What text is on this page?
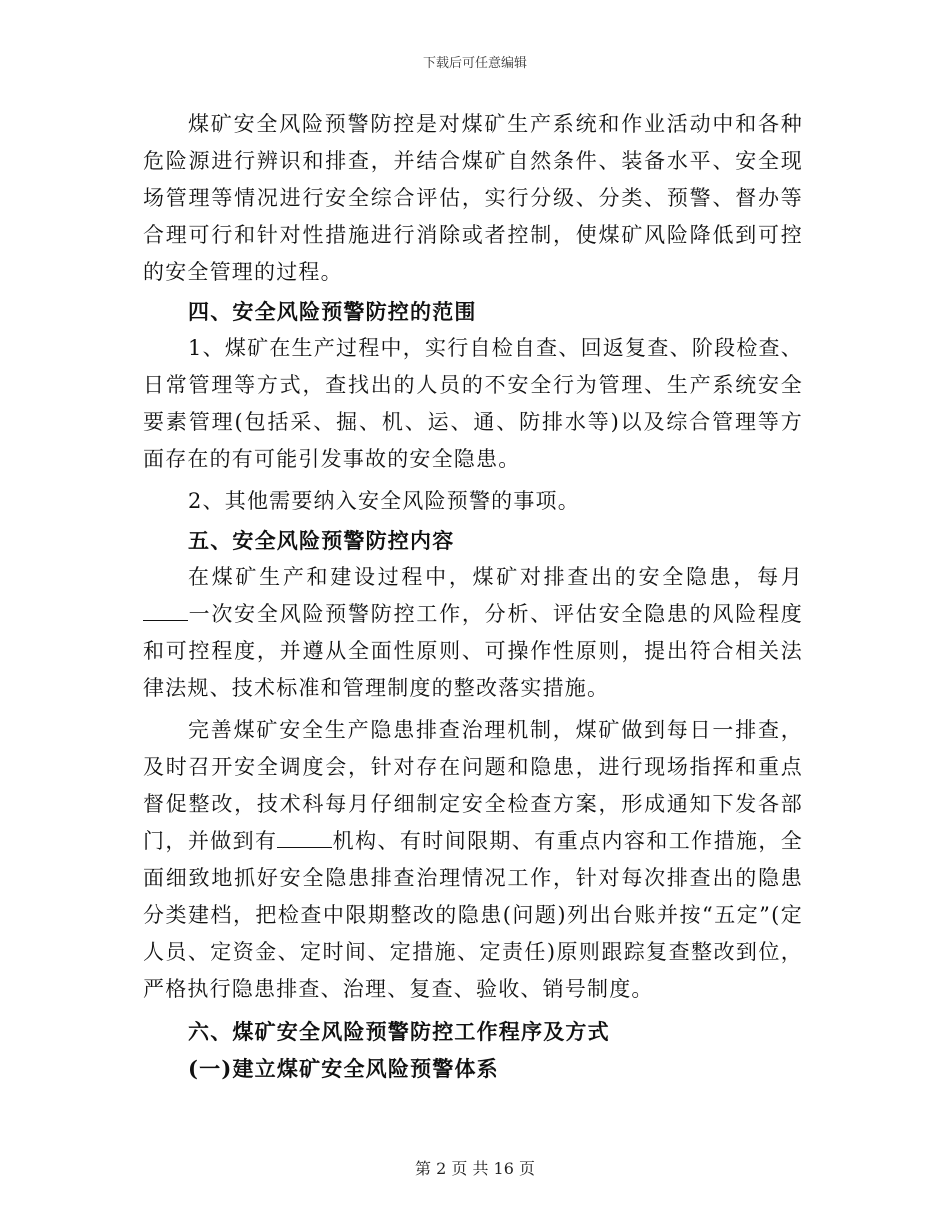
下载后可任意编辑

煤矿安全风险预警防控是对煤矿生产系统和作业活动中和各种危险源进行辨识和排查，并结合煤矿自然条件、装备水平、安全现场管理等情况进行安全综合评估，实行分级、分类、预警、督办等合理可行和针对性措施进行消除或者控制，使煤矿风险降低到可控的安全管理的过程。

四、安全风险预警防控的范围

1、煤矿在生产过程中，实行自检自查、回返复查、阶段检查、日常管理等方式，查找出的人员的不安全行为管理、生产系统安全要素管理(包括采、掘、机、运、通、防排水等)以及综合管理等方面存在的有可能引发事故的安全隐患。

2、其他需要纳入安全风险预警的事项。

五、安全风险预警防控内容

在煤矿生产和建设过程中，煤矿对排查出的安全隐患，每月一次安全风险预警防控工作，分析、评估安全隐患的风险程度和可控程度，并遵从全面性原则、可操作性原则，提出符合相关法律法规、技术标准和管理制度的整改落实措施。

完善煤矿安全生产隐患排查治理机制，煤矿做到每日一排查，及时召开安全调度会，针对存在问题和隐患，进行现场指挥和重点督促整改，技术科每月仔细制定安全检查方案，形成通知下发各部门，并做到有	机构、有时间限期、有重点内容和工作措施，全面细致地抓好安全隐患排查治理情况工作，针对每次排查出的隐患分类建档，把检查中限期整改的隐患(问题)列出台账并按“五定”(定人员、定资金、定时间、定措施、定责任)原则跟踪复查整改到位，严格执行隐患排查、治理、复查、验收、销号制度。

六、煤矿安全风险预警防控工作程序及方式

(一)建立煤矿安全风险预警体系

第 2 页 共 16 页
